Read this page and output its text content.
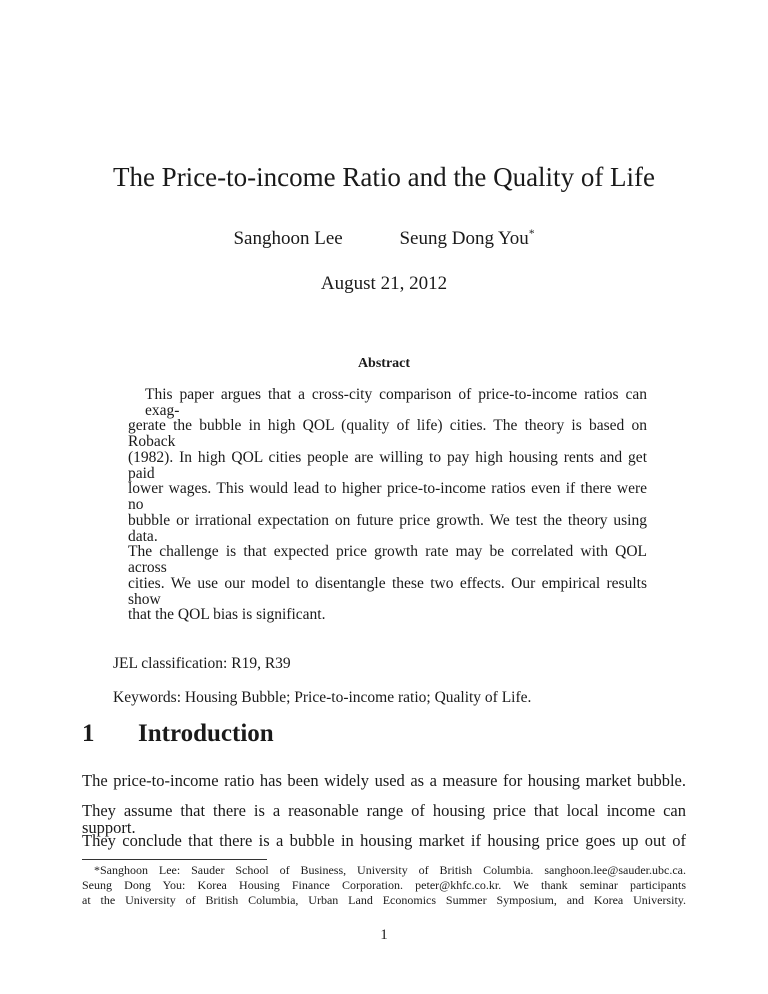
The Price-to-income Ratio and the Quality of Life
Sanghoon Lee	Seung Dong You*
August 21, 2012
Abstract
This paper argues that a cross-city comparison of price-to-income ratios can exag-
gerate the bubble in high QOL (quality of life) cities. The theory is based on Roback
(1982). In high QOL cities people are willing to pay high housing rents and get paid
lower wages. This would lead to higher price-to-income ratios even if there were no
bubble or irrational expectation on future price growth. We test the theory using data.
The challenge is that expected price growth rate may be correlated with QOL across
cities. We use our model to disentangle these two effects. Our empirical results show
that the QOL bias is significant.
JEL classification: R19, R39
Keywords: Housing Bubble; Price-to-income ratio; Quality of Life.
1 Introduction
The price-to-income ratio has been widely used as a measure for housing market bubble.
They assume that there is a reasonable range of housing price that local income can support.
They conclude that there is a bubble in housing market if housing price goes up out of
*Sanghoon Lee: Sauder School of Business, University of British Columbia. sanghoon.lee@sauder.ubc.ca.
Seung Dong You: Korea Housing Finance Corporation. peter@khfc.co.kr. We thank seminar participants
at the University of British Columbia, Urban Land Economics Summer Symposium, and Korea University.
1
